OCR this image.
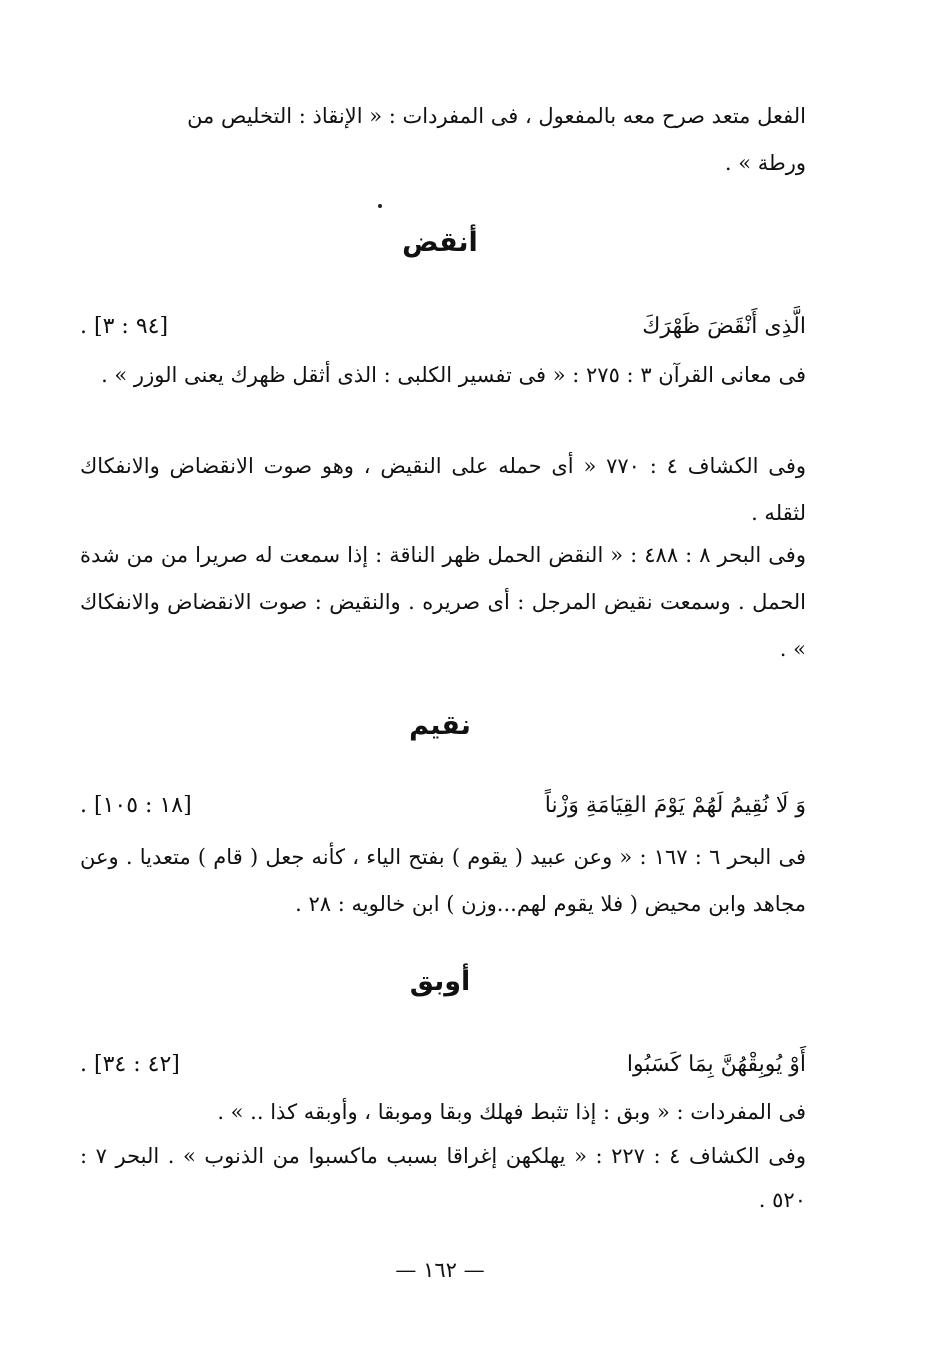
الفعل متعد صرح معه بالمفعول ، فى المفردات : « الإنقاذ : التخليص من
ورطة » .
أنقض
الَّذِى أَنْقَضَ ظَهْرَكَ
[٩٤ : ٣] .
فى معانى القرآن ٣ : ٢٧٥ : « فى تفسير الكلبى : الذى أثقل ظهرك يعنى الوزر » .
وفى الكشاف ٤ : ٧٧٠ « أى حمله على النقيض ، وهو صوت الانقضاض والانفكاك لثقله .
وفى البحر ٨ : ٤٨٨ : « النقض الحمل ظهر الناقة : إذا سمعت له صريرا من من شدة الحمل . وسمعت نقيض المرجل : أى صريره . والنقيض : صوت الانقضاض والانفكاك » .
نقيم
وَ لَا نُقِيمُ لَهُمْ يَوْمَ القِيَامَةِ وَزْناً
[١٨ : ١٠٥] .
فى البحر ٦ : ١٦٧ : « وعن عبيد ( يقوم ) بفتح الياء ، كأنه جعل ( قام ) متعديا . وعن مجاهد وابن محيض ( فلا يقوم لهم...وزن ) ابن خالويه : ٢٨ .
أوبق
أَوْ يُوبِقْهُنَّ بِمَا كَسَبُوا
[٤٢ : ٣٤] .
فى المفردات : « وبق : إذا تثبط فهلك وبقا وموبقا ، وأوبقه كذا .. » .
وفى الكشاف ٤ : ٢٢٧ : « يهلكهن إغراقا بسبب ماكسبوا من الذنوب » . البحر ٧ : ٥٢٠ .
— ١٦٢ —
